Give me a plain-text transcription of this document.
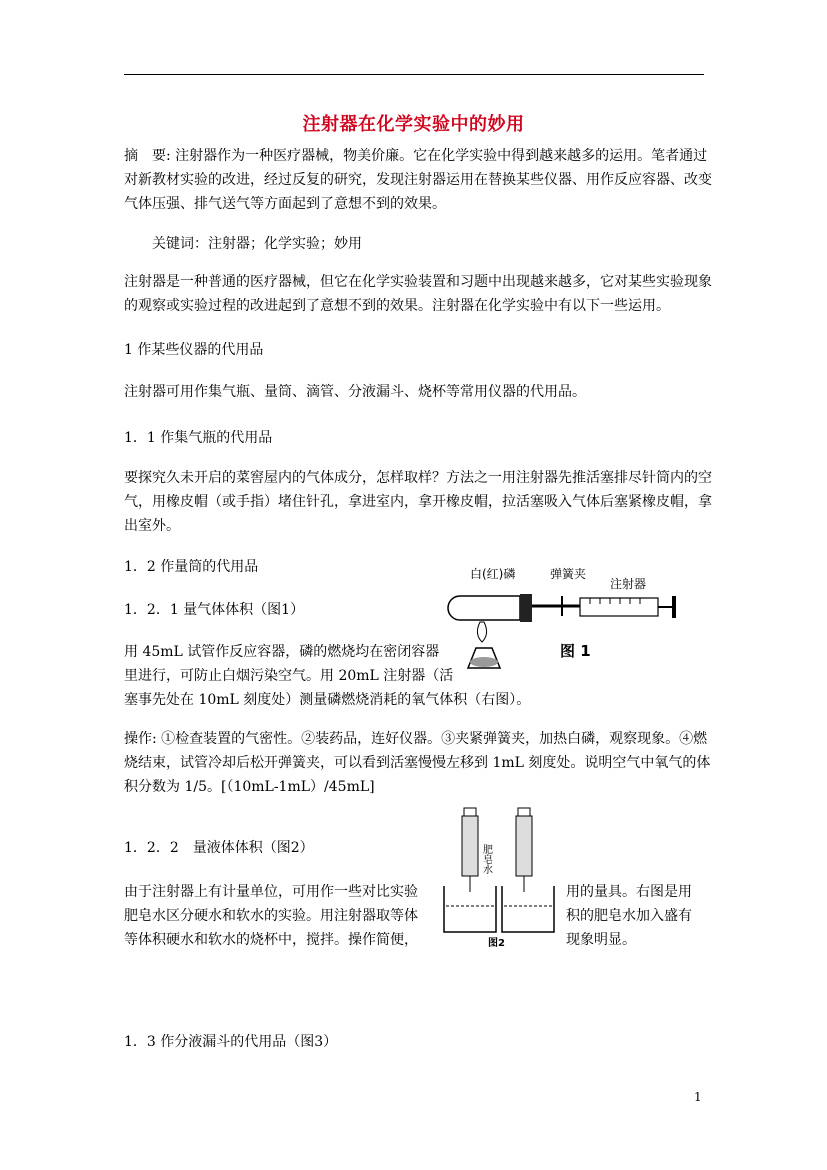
注射器在化学实验中的妙用
摘　要: 注射器作为一种医疗器械，物美价廉。它在化学实验中得到越来越多的运用。笔者通过对新教材实验的改进，经过反复的研究，发现注射器运用在替换某些仪器、用作反应容器、改变气体压强、排气送气等方面起到了意想不到的效果。
关键词：注射器；化学实验；妙用
注射器是一种普通的医疗器械，但它在化学实验装置和习题中出现越来越多，它对某些实验现象的观察或实验过程的改进起到了意想不到的效果。注射器在化学实验中有以下一些运用。
1 作某些仪器的代用品
注射器可用作集气瓶、量筒、滴管、分液漏斗、烧杯等常用仪器的代用品。
1．1 作集气瓶的代用品
要探究久未开启的菜窖屋内的气体成分，怎样取样？方法之一用注射器先推活塞排尽针筒内的空气，用橡皮帽（或手指）堵住针孔，拿进室内，拿开橡皮帽，拉活塞吸入气体后塞紧橡皮帽，拿出室外。
1．2 作量筒的代用品
1．2．1 量气体体积（图1）
用 45mL 试管作反应容器，磷的燃烧均在密闭容器
里进行，可防止白烟污染空气。用 20mL 注射器（活
塞事先处在 10mL 刻度处）测量磷燃烧消耗的氧气体积（右图）。
白(红)磷	弹簧夹
注射器
图 1
操作: ①检查装置的气密性。②装药品，连好仪器。③夹紧弹簧夹，加热白磷，观察现象。④燃烧结束，试管冷却后松开弹簧夹，可以看到活塞慢慢左移到 1mL 刻度处。说明空气中氧气的体积分数为 1/5。[（10mL-1mL）/45mL]
1．2．2　量液体体积（图2）
由于注射器上有计量单位，可用作一些对比实验
肥皂水区分硬水和软水的实验。用注射器取等体
等体积硬水和软水的烧杯中，搅拌。操作简便，
用的量具。右图是用
积的肥皂水加入盛有
现象明显。
肥皂水
图2
1．3 作分液漏斗的代用品（图3）
1
